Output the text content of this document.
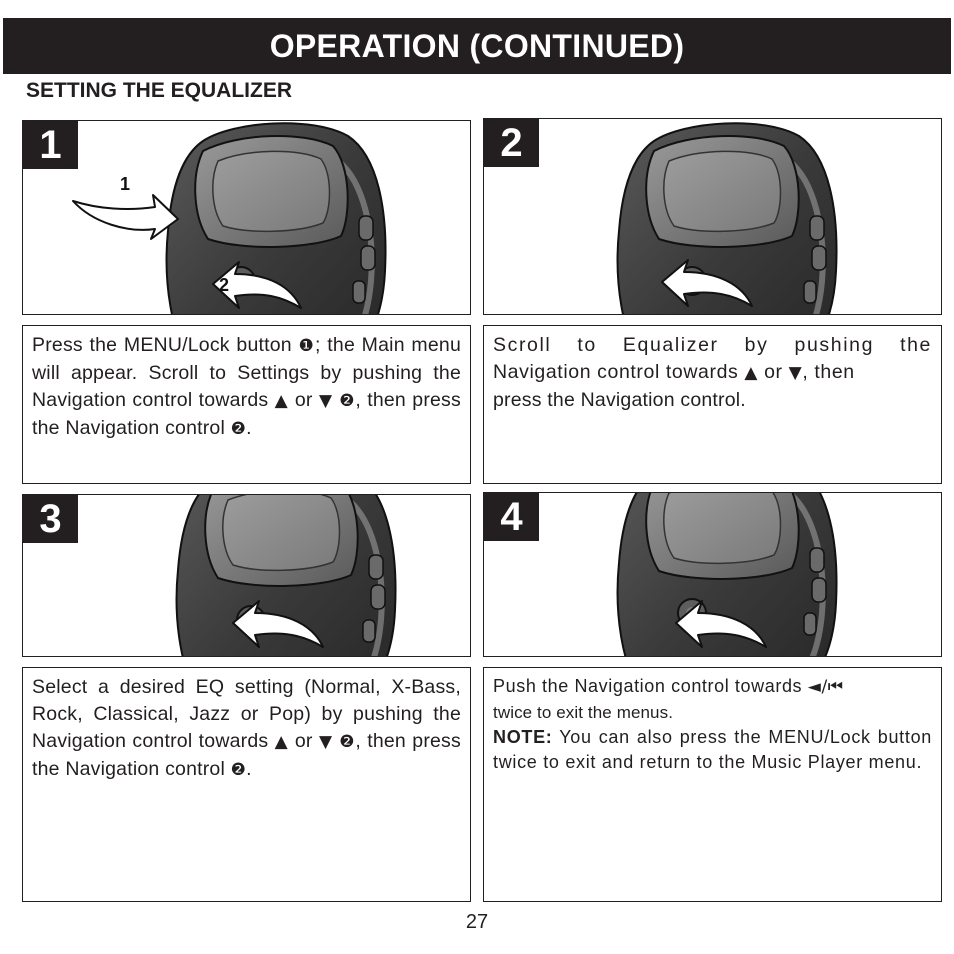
OPERATION (CONTINUED)
SETTING THE EQUALIZER
1
1
2
2

Press the MENU/Lock button ❶; the Main menu will appear. Scroll to Settings by pushing the Navigation control towards ▲ or ▼ ❷, then press the Navigation control ❷.

Scroll to Equalizer by pushing the

Navigation control towards ▲ or ▼, then

press the Navigation control.

3	4

Select a desired EQ setting (Normal, X-Bass, Rock, Classical, Jazz or Pop) by pushing the Navigation control towards ▲ or ▼ ❷, then press the Navigation control ❷.

Push the Navigation control towards ◄/⏮

twice to exit the menus.

NOTE: You can also press the MENU/Lock button twice to exit and return to the Music Player menu.

27
